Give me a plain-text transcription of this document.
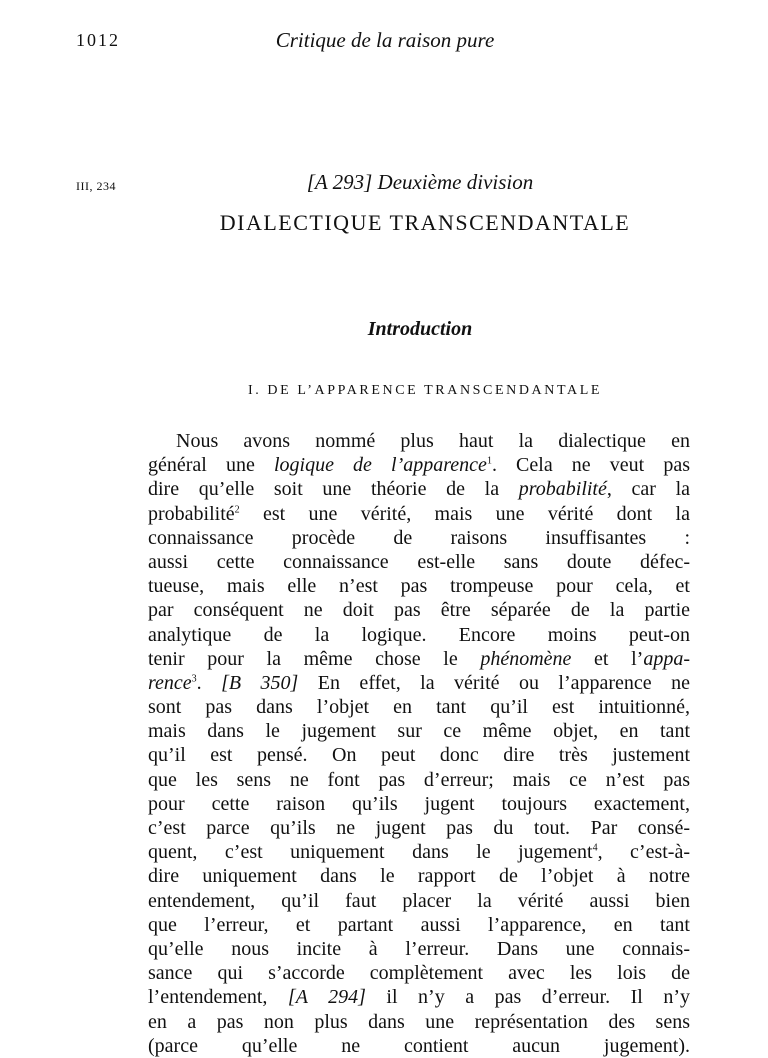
1012	Critique de la raison pure
III, 234	[A 293] Deuxième division
DIALECTIQUE TRANSCENDANTALE
Introduction
I. DE L’APPARENCE TRANSCENDANTALE
Nous avons nommé plus haut la dialectique en
général une logique de l’apparence$^1$. Cela ne veut pas
dire qu’elle soit une théorie de la probabilité, car la
probabilité$^2$ est une vérité, mais une vérité dont la
connaissance procède de raisons insuffisantes :
aussi cette connaissance est-elle sans doute défec-
tueuse, mais elle n’est pas trompeuse pour cela, et
par conséquent ne doit pas être séparée de la partie
analytique de la logique. Encore moins peut-on
tenir pour la même chose le phénomène et l’appa-
rence$^3$. [B 350] En effet, la vérité ou l’apparence ne
sont pas dans l’objet en tant qu’il est intuitionné,
mais dans le jugement sur ce même objet, en tant
qu’il est pensé. On peut donc dire très justement
que les sens ne font pas d’erreur; mais ce n’est pas
pour cette raison qu’ils jugent toujours exactement,
c’est parce qu’ils ne jugent pas du tout. Par consé-
quent, c’est uniquement dans le jugement$^4$, c’est-à-
dire uniquement dans le rapport de l’objet à notre
entendement, qu’il faut placer la vérité aussi bien
que l’erreur, et partant aussi l’apparence, en tant
qu’elle nous incite à l’erreur. Dans une connais-
sance qui s’accorde complètement avec les lois de
l’entendement, [A 294] il n’y a pas d’erreur. Il n’y
en a pas non plus dans une représentation des sens
(parce qu’elle ne contient aucun jugement).
